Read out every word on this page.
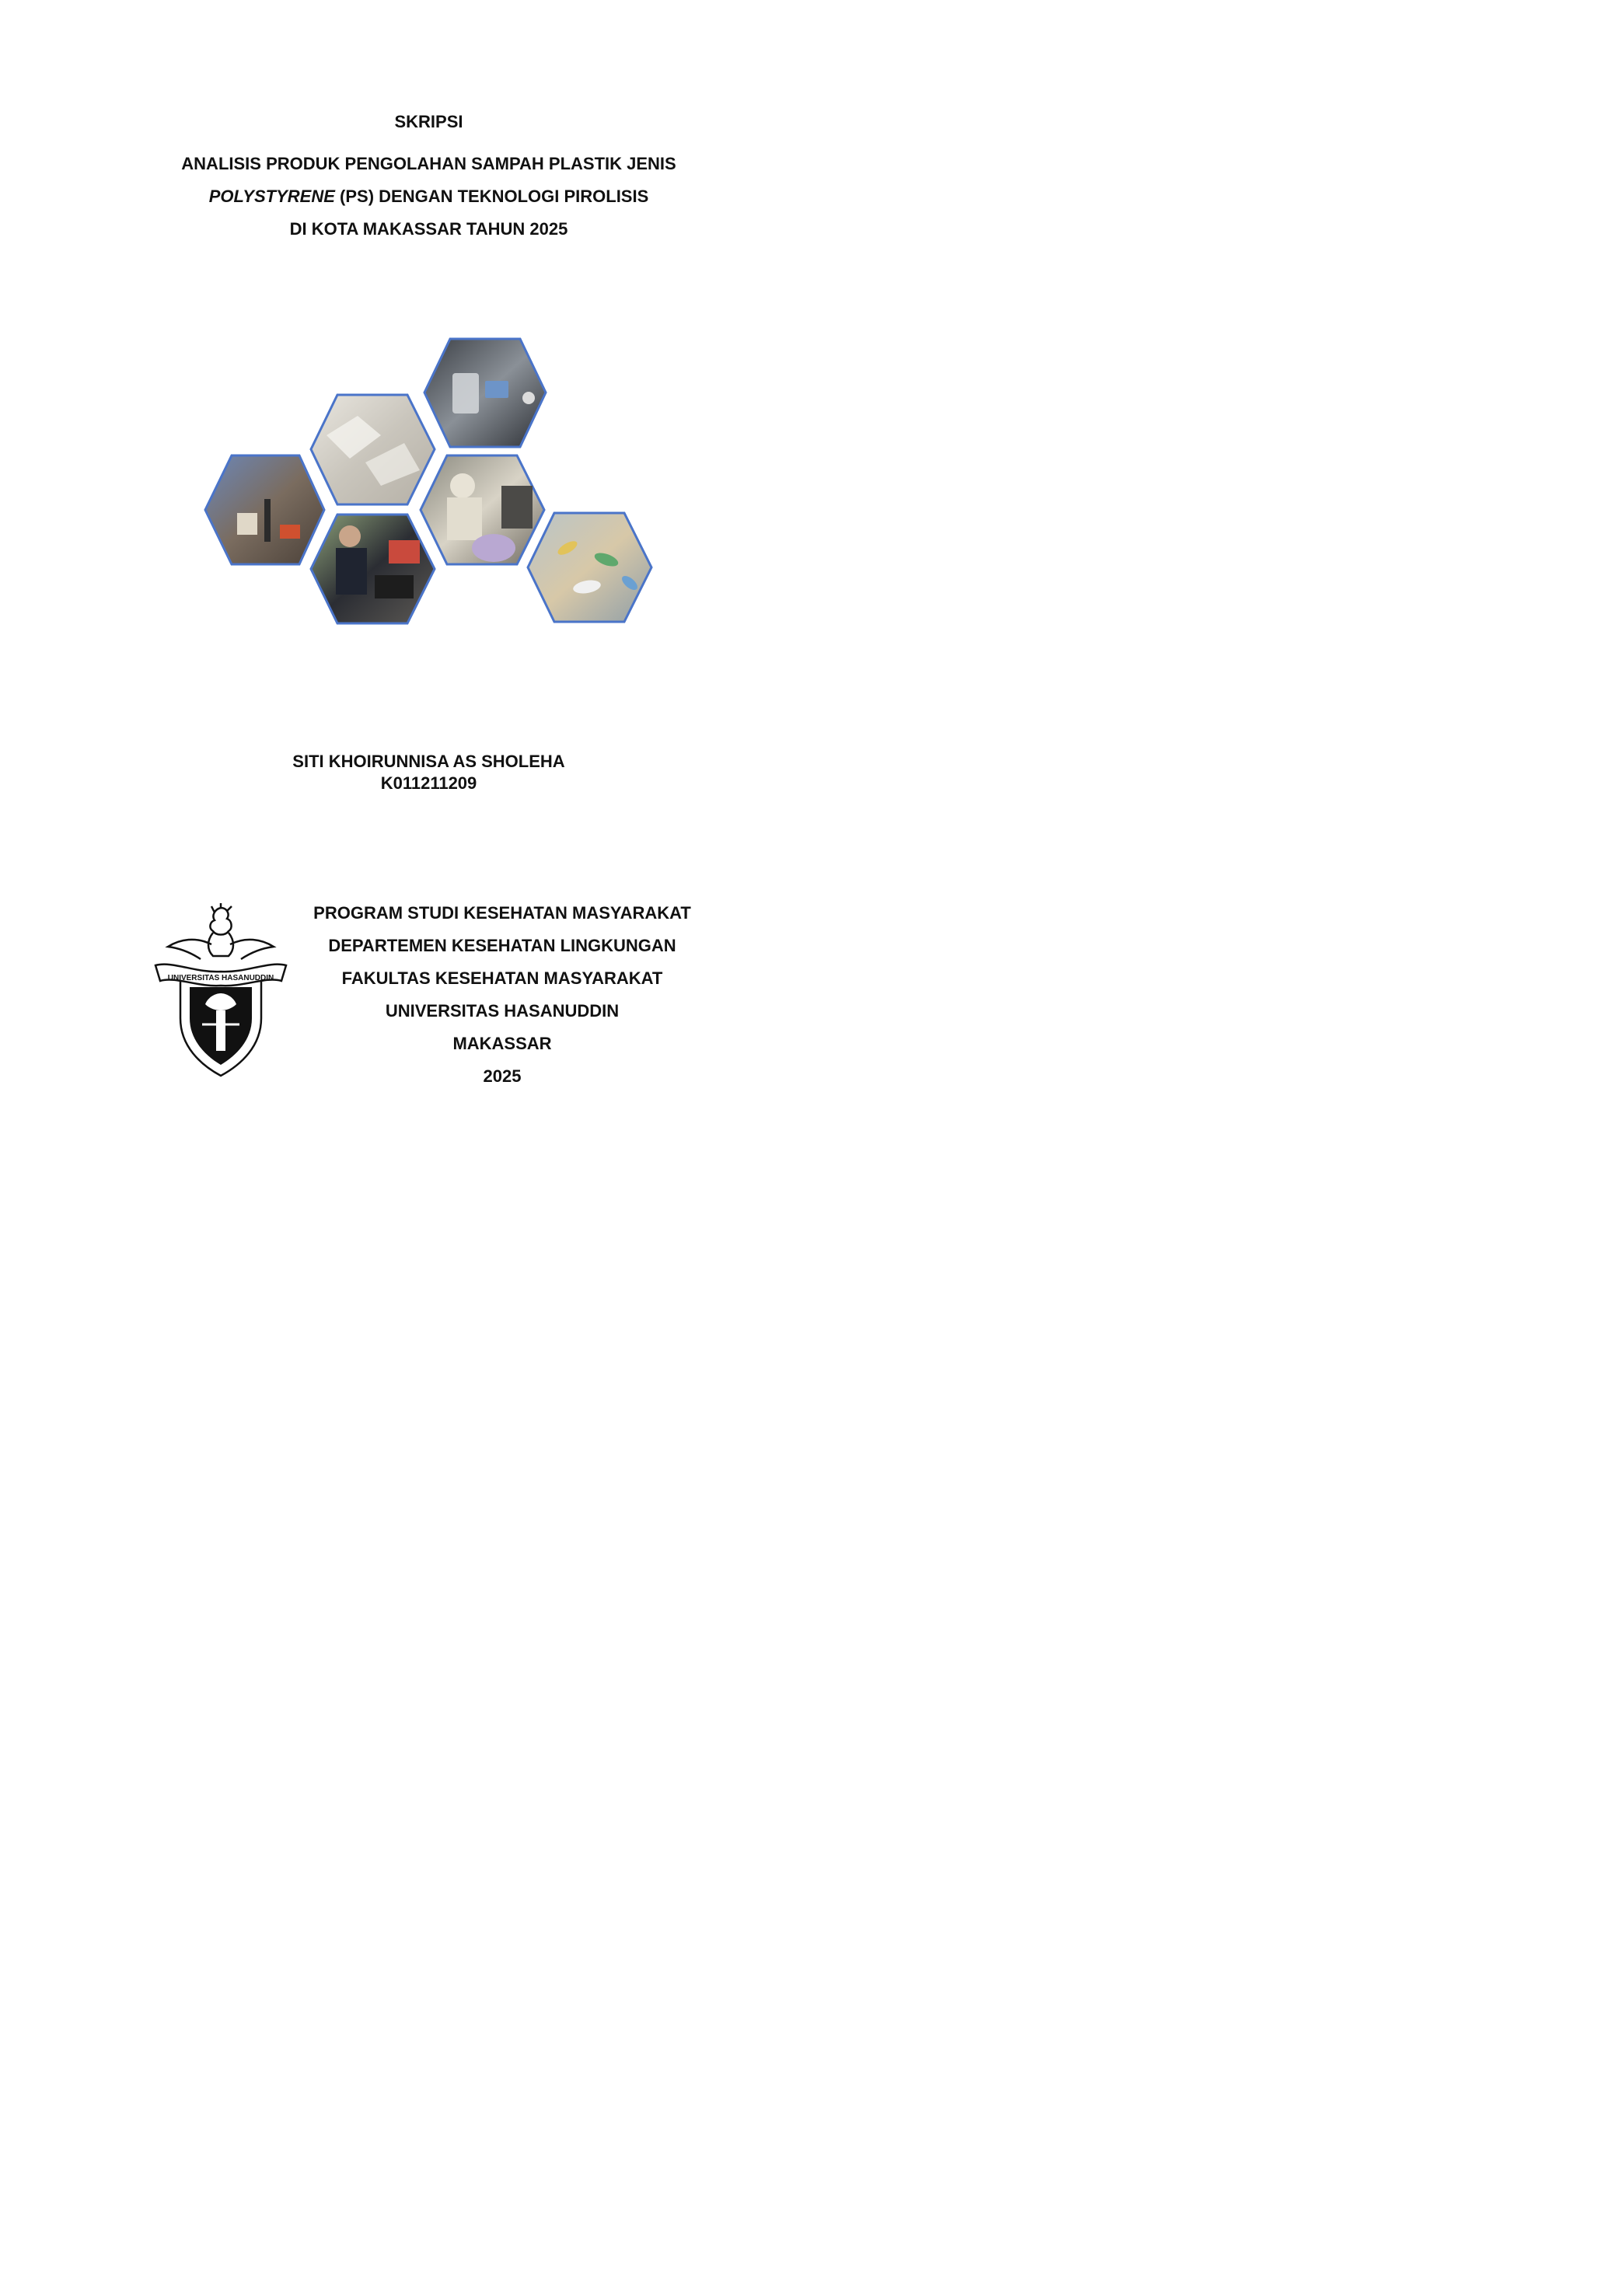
SKRIPSI

ANALISIS PRODUK PENGOLAHAN SAMPAH PLASTIK JENIS

POLYSTYRENE (PS) DENGAN TEKNOLOGI PIROLISIS

DI KOTA MAKASSAR TAHUN 2025

SITI KHOIRUNNISA AS SHOLEHA

K011211209

UNIVERSITAS HASANUDDIN

PROGRAM STUDI KESEHATAN MASYARAKAT

DEPARTEMEN KESEHATAN LINGKUNGAN

FAKULTAS KESEHATAN MASYARAKAT

UNIVERSITAS HASANUDDIN

MAKASSAR

2025
